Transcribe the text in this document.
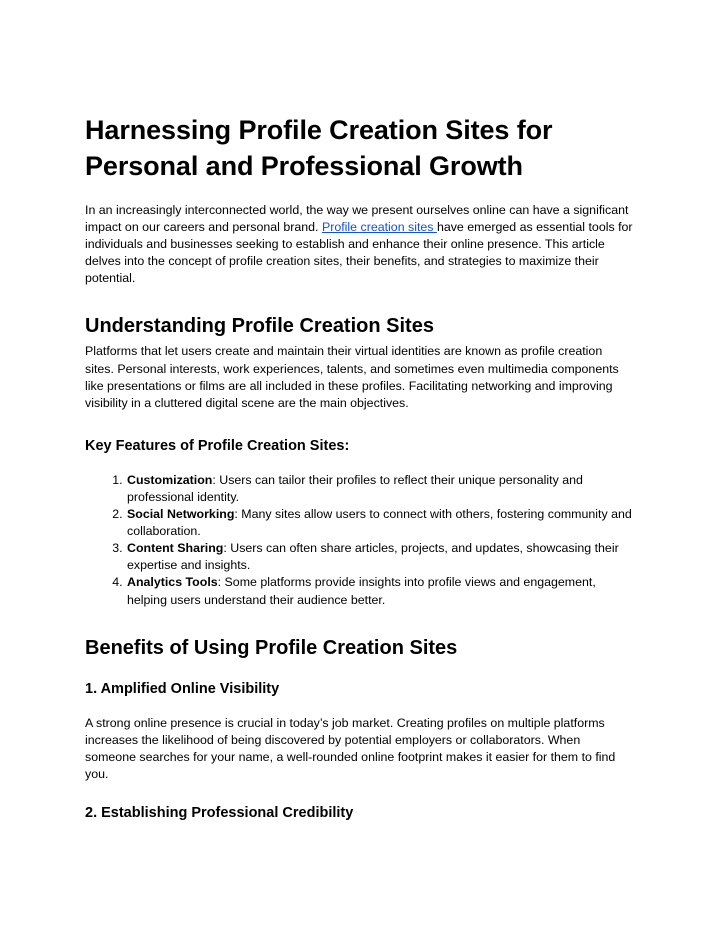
Harnessing Profile Creation Sites for Personal and Professional Growth

In an increasingly interconnected world, the way we present ourselves online can have a significant impact on our careers and personal brand. Profile creation sites have emerged as essential tools for individuals and businesses seeking to establish and enhance their online presence. This article delves into the concept of profile creation sites, their benefits, and strategies to maximize their potential.

Understanding Profile Creation Sites

Platforms that let users create and maintain their virtual identities are known as profile creation sites. Personal interests, work experiences, talents, and sometimes even multimedia components like presentations or films are all included in these profiles. Facilitating networking and improving visibility in a cluttered digital scene are the main objectives.

Key Features of Profile Creation Sites:
1. Customization: Users can tailor their profiles to reflect their unique personality and professional identity.
2. Social Networking: Many sites allow users to connect with others, fostering community and collaboration.
3. Content Sharing: Users can often share articles, projects, and updates, showcasing their expertise and insights.
4. Analytics Tools: Some platforms provide insights into profile views and engagement, helping users understand their audience better.
Benefits of Using Profile Creation Sites
1. Amplified Online Visibility

A strong online presence is crucial in today’s job market. Creating profiles on multiple platforms increases the likelihood of being discovered by potential employers or collaborators. When someone searches for your name, a well-rounded online footprint makes it easier for them to find you.

2. Establishing Professional Credibility
